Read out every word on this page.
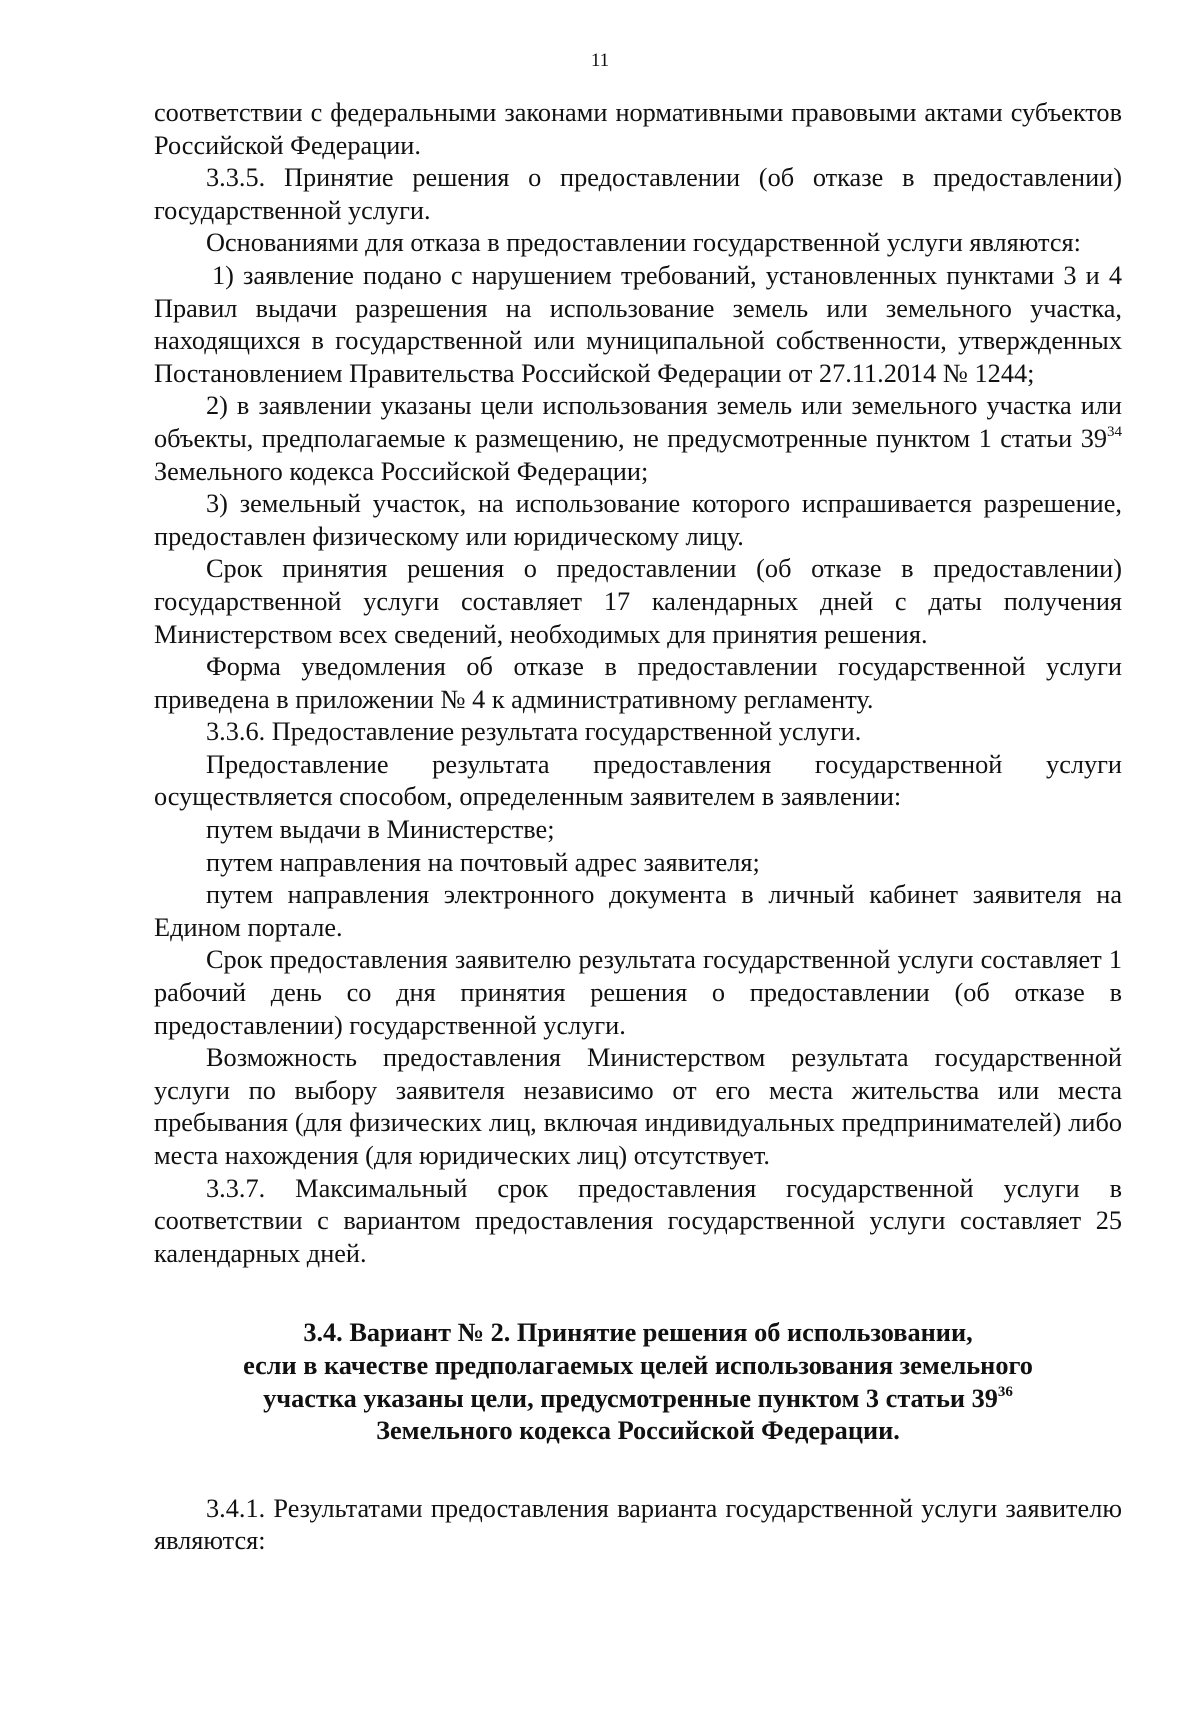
11

соответствии с федеральными законами нормативными правовыми актами субъектов Российской Федерации.

3.3.5. Принятие решения о предоставлении (об отказе в предоставлении) государственной услуги.

Основаниями для отказа в предоставлении государственной услуги являются:

1) заявление подано с нарушением требований, установленных пунктами 3 и 4 Правил выдачи разрешения на использование земель или земельного участка, находящихся в государственной или муниципальной собственности, утвержденных Постановлением Правительства Российской Федерации от 27.11.2014 № 1244;

2) в заявлении указаны цели использования земель или земельного участка или объекты, предполагаемые к размещению, не предусмотренные пунктом 1 статьи $39^{34}$ Земельного кодекса Российской Федерации;

3) земельный участок, на использование которого испрашивается разрешение, предоставлен физическому или юридическому лицу.

Срок принятия решения о предоставлении (об отказе в предоставлении) государственной услуги составляет 17 календарных дней с даты получения Министерством всех сведений, необходимых для принятия решения.

Форма уведомления об отказе в предоставлении государственной услуги приведена в приложении № 4 к административному регламенту.

3.3.6. Предоставление результата государственной услуги.

Предоставление результата предоставления государственной услуги осуществляется способом, определенным заявителем в заявлении:

путем выдачи в Министерстве;

путем направления на почтовый адрес заявителя;

путем направления электронного документа в личный кабинет заявителя на Едином портале.

Срок предоставления заявителю результата государственной услуги составляет 1 рабочий день со дня принятия решения о предоставлении (об отказе в предоставлении) государственной услуги.

Возможность предоставления Министерством результата государственной услуги по выбору заявителя независимо от его места жительства или места пребывания (для физических лиц, включая индивидуальных предпринимателей) либо места нахождения (для юридических лиц) отсутствует.

3.3.7. Максимальный срок предоставления государственной услуги в соответствии с вариантом предоставления государственной услуги составляет 25 календарных дней.

3.4. Вариант № 2. Принятие решения об использовании,
если в качестве предполагаемых целей использования земельного
участка указаны цели, предусмотренные пунктом 3 статьи $39^{36}$
Земельного кодекса Российской Федерации.

3.4.1. Результатами предоставления варианта государственной услуги заявителю являются:
